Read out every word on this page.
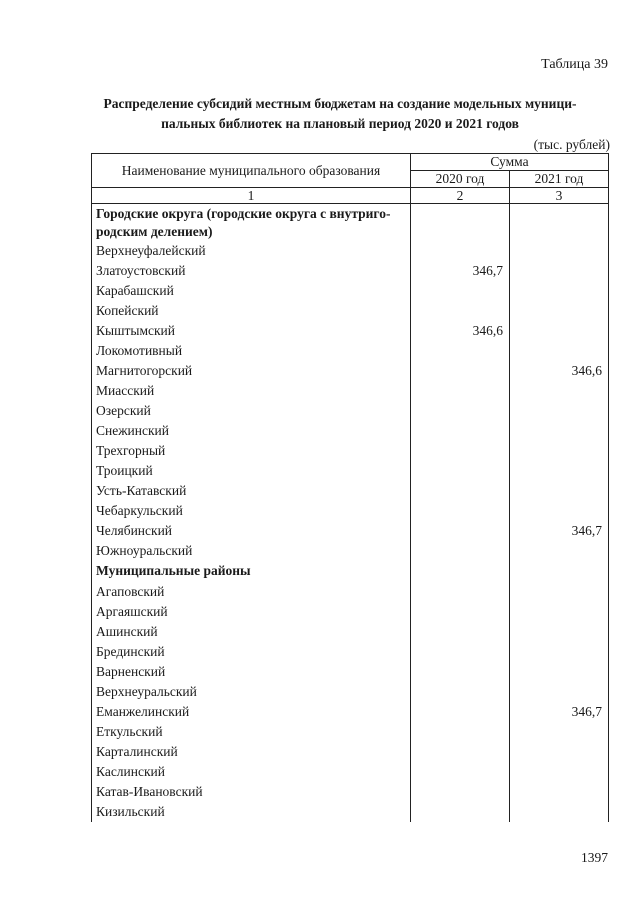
Таблица 39
Распределение субсидий местным бюджетам на создание модельных муници-
пальных библиотек на плановый период 2020 и 2021 годов
(тыс. рублей)
Наименование муниципального образования	Сумма	
	2020 год	2021 год
1	2	3

Городские округа (городские округа с внутриго-
родским делением)		

Верхнеуфалейский		
Златоустовский	346,7	
Карабашский		
Копейский		
Кыштымский	346,6	
Локомотивный		
Магнитогорский		346,6
Миасский		
Озерский		
Снежинский		
Трехгорный		
Троицкий		
Усть-Катавский		
Чебаркульский		
Челябинский		346,7
Южноуральский		
Муниципальные районы		
Агаповский		
Аргаяшский		
Ашинский		
Брединский		
Варненский		
Верхнеуральский		
Еманжелинский		346,7
Еткульский		
Карталинский		
Каслинский		
Катав-Ивановский		
Кизильский		
1397
